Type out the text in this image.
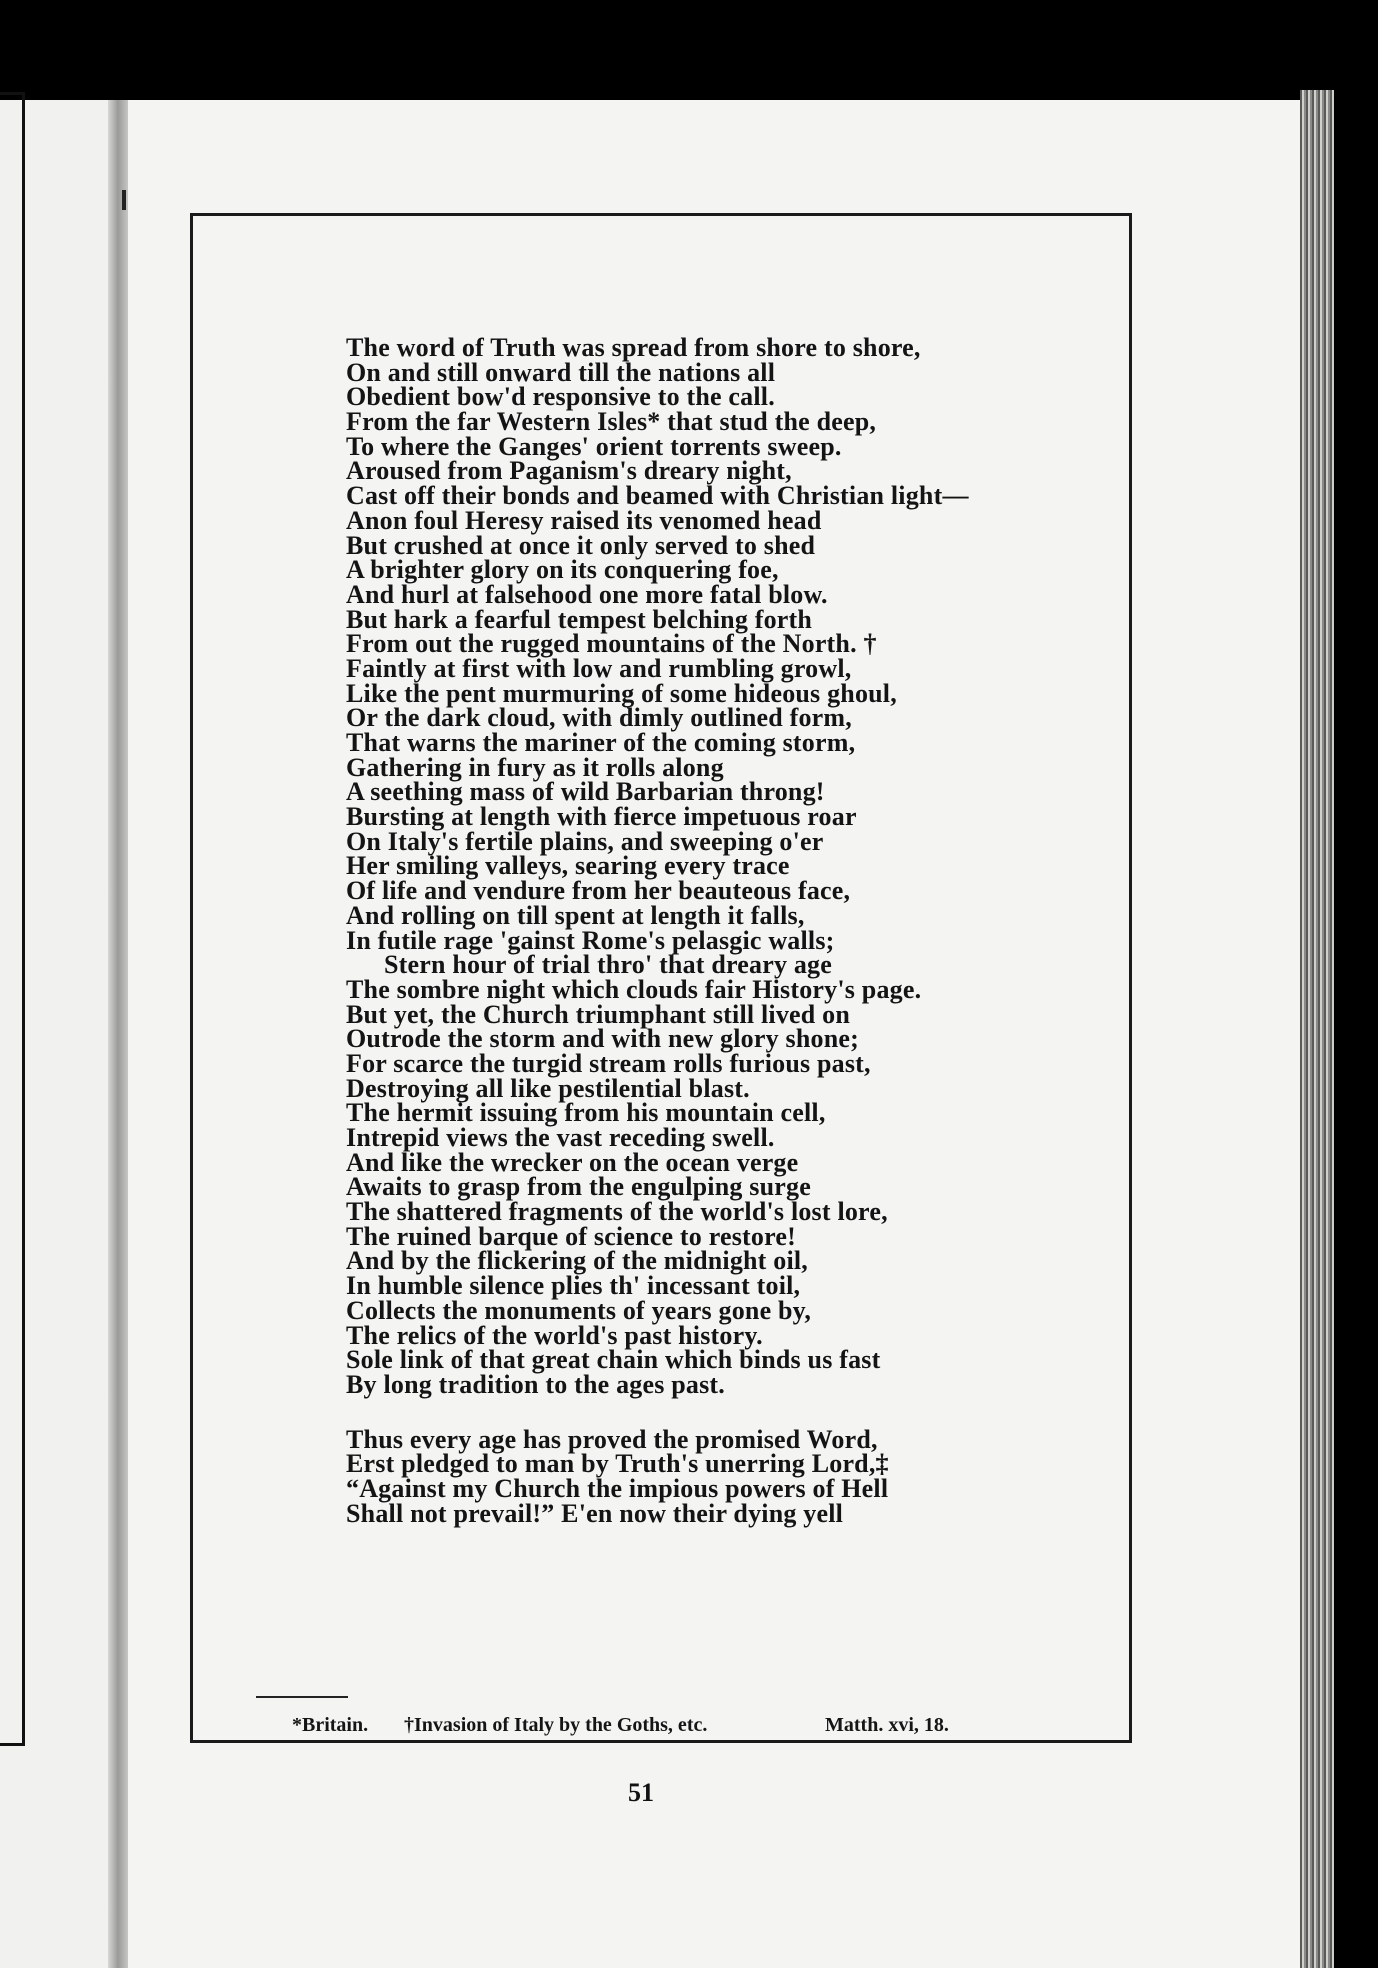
The word of Truth was spread from shore to shore,
On and still onward till the nations all
Obedient bow'd responsive to the call.
From the far Western Isles* that stud the deep,
To where the Ganges' orient torrents sweep.
Aroused from Paganism's dreary night,
Cast off their bonds and beamed with Christian light—
Anon foul Heresy raised its venomed head
But crushed at once it only served to shed
A brighter glory on its conquering foe,
And hurl at falsehood one more fatal blow.
But hark a fearful tempest belching forth
From out the rugged mountains of the North. †
Faintly at first with low and rumbling growl,
Like the pent murmuring of some hideous ghoul,
Or the dark cloud, with dimly outlined form,
That warns the mariner of the coming storm,
Gathering in fury as it rolls along
A seething mass of wild Barbarian throng!
Bursting at length with fierce impetuous roar
On Italy's fertile plains, and sweeping o'er
Her smiling valleys, searing every trace
Of life and vendure from her beauteous face,
And rolling on till spent at length it falls,
In futile rage 'gainst Rome's pelasgic walls;
Stern hour of trial thro' that dreary age
The sombre night which clouds fair History's page.
But yet, the Church triumphant still lived on
Outrode the storm and with new glory shone;
For scarce the turgid stream rolls furious past,
Destroying all like pestilential blast.
The hermit issuing from his mountain cell,
Intrepid views the vast receding swell.
And like the wrecker on the ocean verge
Awaits to grasp from the engulping surge
The shattered fragments of the world's lost lore,
The ruined barque of science to restore!
And by the flickering of the midnight oil,
In humble silence plies th' incessant toil,
Collects the monuments of years gone by,
The relics of the world's past history.
Sole link of that great chain which binds us fast
By long tradition to the ages past.
Thus every age has proved the promised Word,
Erst pledged to man by Truth's unerring Lord,‡
“Against my Church the impious powers of Hell
Shall not prevail!” E'en now their dying yell
*Britain. †Invasion of Italy by the Goths, etc.	Matth. xvi, 18.
51
